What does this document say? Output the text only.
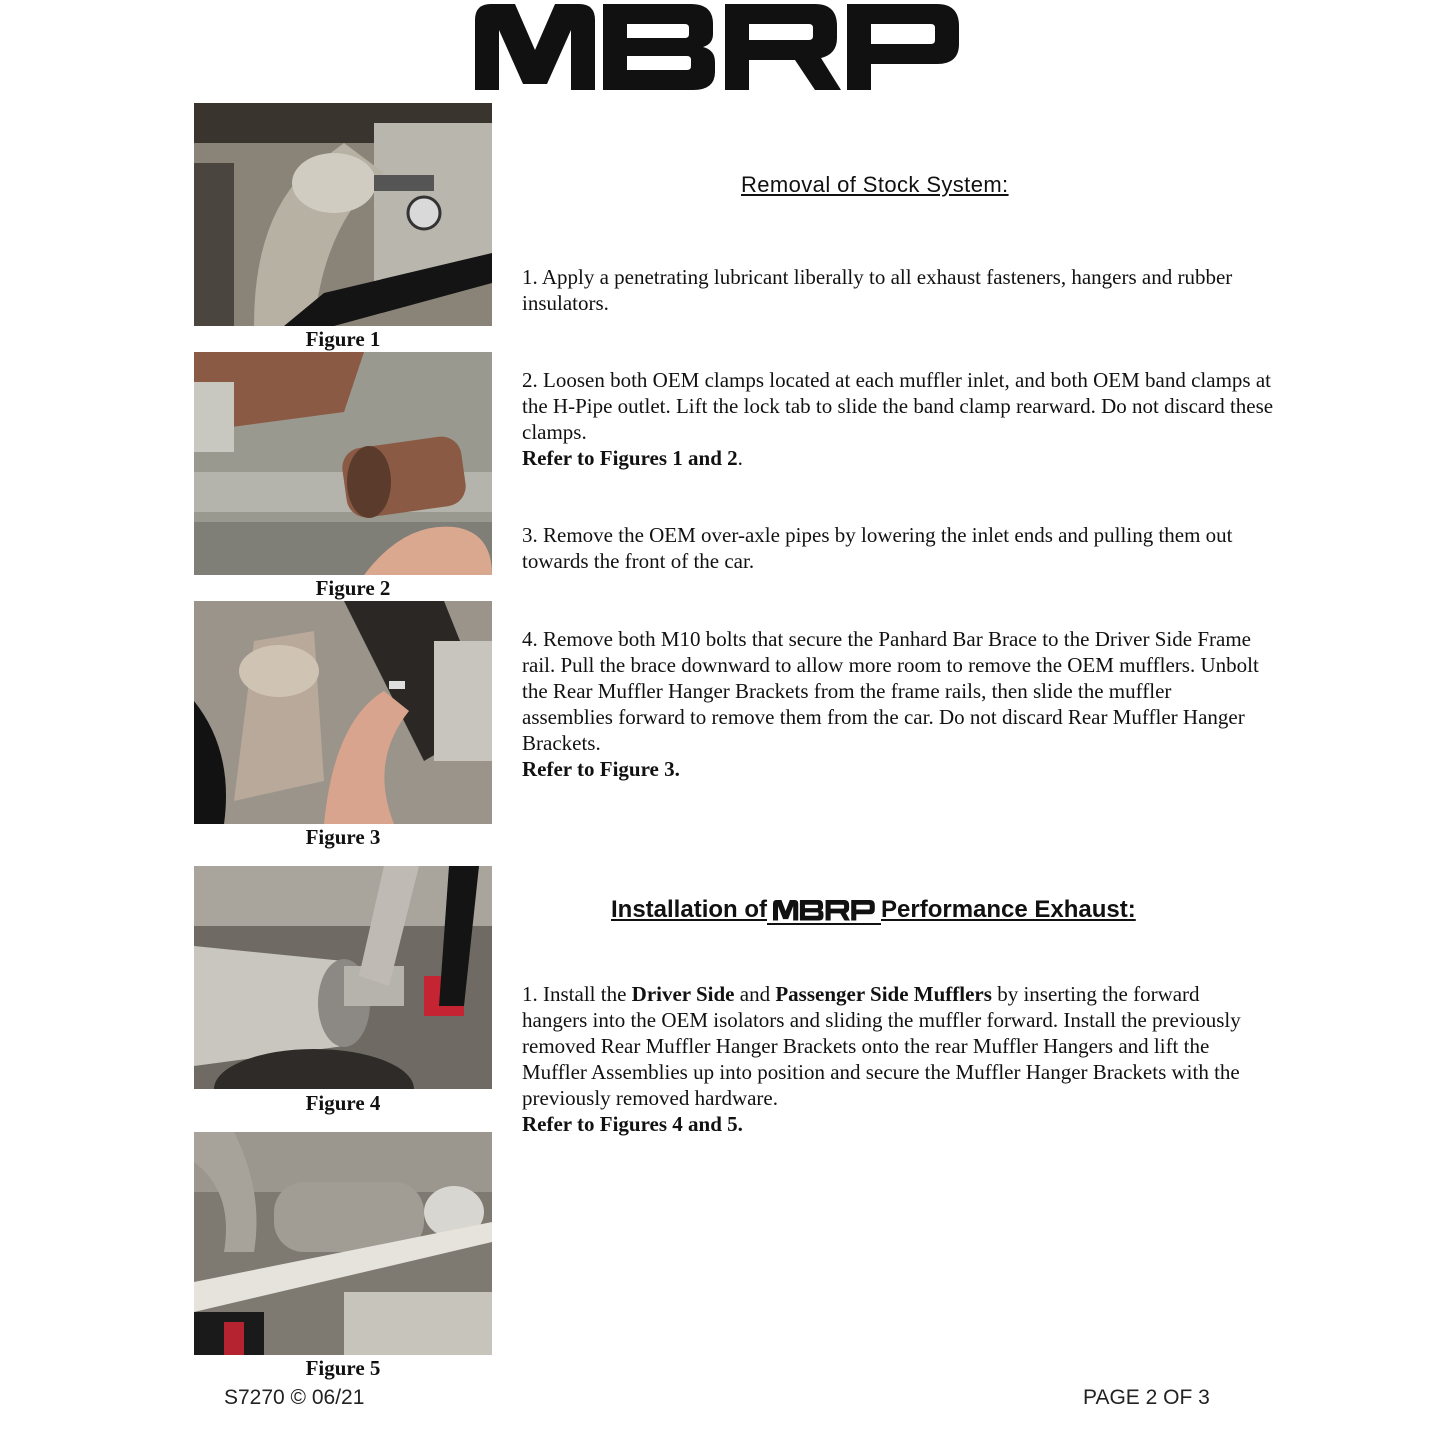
Figure 1
Figure 2
Figure 3
Figure 4
Figure 5
Removal of Stock System:
1. Apply a penetrating lubricant liberally to all exhaust fasteners, hangers and rubber insulators.
2. Loosen both OEM clamps located at each muffler inlet, and both OEM band clamps at the H-Pipe outlet. Lift the lock tab to slide the band clamp rearward. Do not discard these clamps.
Refer to Figures 1 and 2.
3. Remove the OEM over-axle pipes by lowering the inlet ends and pulling them out towards the front of the car.
4. Remove both M10 bolts that secure the Panhard Bar Brace to the Driver Side Frame rail. Pull the brace downward to allow more room to remove the OEM mufflers. Unbolt the Rear Muffler Hanger Brackets from the frame rails, then slide the muffler assemblies forward to remove them from the car. Do not discard Rear Muffler Hanger Brackets.
Refer to Figure 3.
Installation of	Performance Exhaust:
1. Install the Driver Side and Passenger Side Mufflers by inserting the forward hangers into the OEM isolators and sliding the muffler forward. Install the previously removed Rear Muffler Hanger Brackets onto the rear Muffler Hangers and lift the Muffler Assemblies up into position and secure the Muffler Hanger Brackets with the previously removed hardware.
Refer to Figures 4 and 5.
S7270 © 06/21	PAGE 2 OF 3
